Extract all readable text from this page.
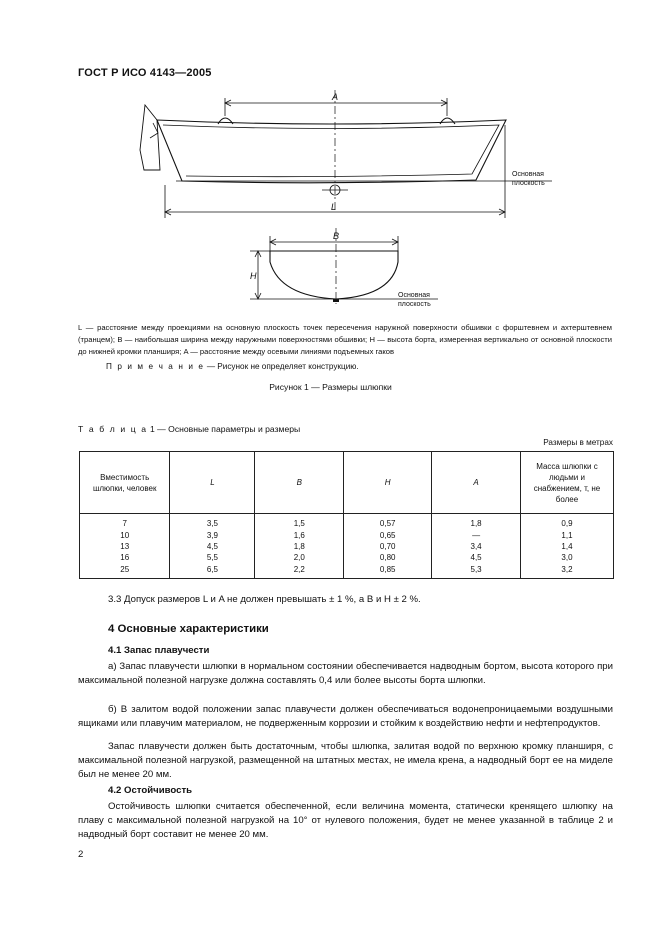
ГОСТ Р ИСО 4143—2005
A
L
B
H
Основная
плоскость
Основная
плоскость
L — расстояние между проекциями на основную плоскость точек пересечения наружной поверхности обшивки с форштевнем и ахтерштевнем (транцем); B — наибольшая ширина между наружными поверхностями обшивки; H — высота борта, измеренная вертикально от основной плоскости до нижней кромки планширя; A — расстояние между осевыми линиями подъемных гаков
П р и м е ч а н и е — Рисунок не определяет конструкцию.
Рисунок 1 — Размеры шлюпки
Т а б л и ц а 1 — Основные параметры и размеры
Размеры в метрах
Вместимость шлюпки, человек	L	B	H	A	Масса шлюпки с людьми и снабжением, т, не более
7	3,5	1,5	0,57	1,8	0,9
10	3,9	1,6	0,65	—	1,1
13	4,5	1,8	0,70	3,4	1,4
16	5,5	2,0	0,80	4,5	3,0
25	6,5	2,2	0,85	5,3	3,2
3.3 Допуск размеров L и A не должен превышать ± 1 %, а B и H ± 2 %.
4 Основные характеристики
4.1 Запас плавучести
а) Запас плавучести шлюпки в нормальном состоянии обеспечивается надводным бортом, высота которого при максимальной полезной нагрузке должна составлять 0,4 или более высоты борта шлюпки.
б) В залитом водой положении запас плавучести должен обеспечиваться водонепроницаемыми воздушными ящиками или плавучим материалом, не подверженным коррозии и стойким к воздействию нефти и нефтепродуктов.
Запас плавучести должен быть достаточным, чтобы шлюпка, залитая водой по верхнюю кромку планширя, с максимальной полезной нагрузкой, размещенной на штатных местах, не имела крена, а надводный борт ее на миделе был не менее 20 мм.
4.2 Остойчивость
Остойчивость шлюпки считается обеспеченной, если величина момента, статически кренящего шлюпку на плаву с максимальной полезной нагрузкой на 10° от нулевого положения, будет не менее указанной в таблице 2 и надводный борт составит не менее 20 мм.
2
